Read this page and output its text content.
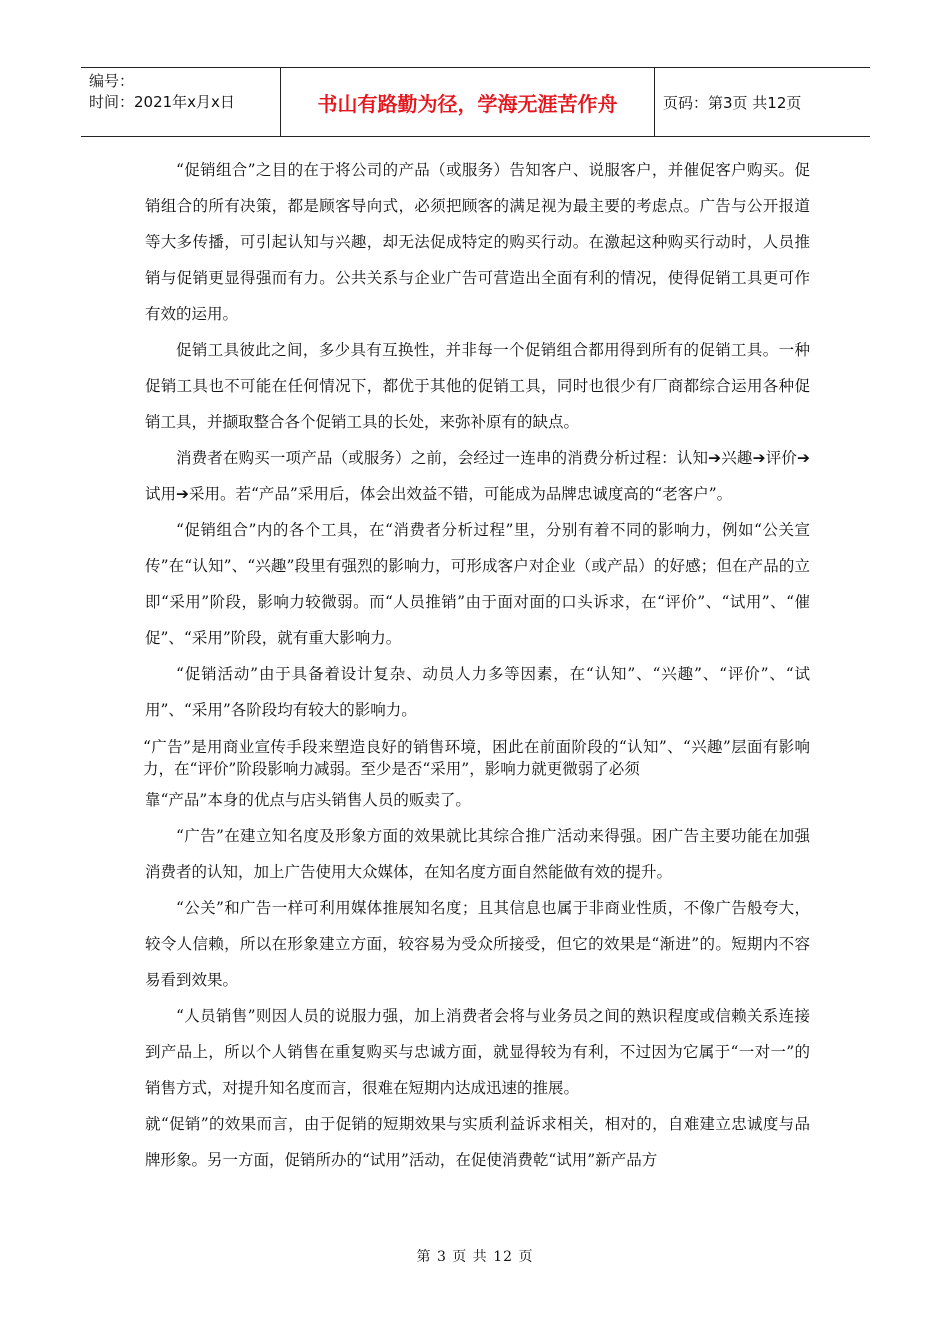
编号：
时间：2021年x月x日	书山有路勤为径，学海无涯苦作舟	页码：第3页 共12页

“促销组合”之目的在于将公司的产品（或服务）告知客户、说服客户，并催促客户购买。促销组合的所有决策，都是顾客导向式，必须把顾客的满足视为最主要的考虑点。广告与公开报道等大多传播，可引起认知与兴趣，却无法促成特定的购买行动。在激起这种购买行动时，人员推销与促销更显得强而有力。公共关系与企业广告可营造出全面有利的情况，使得促销工具更可作有效的运用。

促销工具彼此之间，多少具有互换性，并非每一个促销组合都用得到所有的促销工具。一种促销工具也不可能在任何情况下，都优于其他的促销工具，同时也很少有厂商都综合运用各种促销工具，并撷取整合各个促销工具的长处，来弥补原有的缺点。

消费者在购买一项产品（或服务）之前，会经过一连串的消费分析过程：认知➔兴趣➔评价➔试用➔采用。若“产品”采用后，体会出效益不错，可能成为品牌忠诚度高的“老客户”。

“促销组合”内的各个工具，在“消费者分析过程”里，分别有着不同的影响力，例如“公关宣传”在“认知”、“兴趣”段里有强烈的影响力，可形成客户对企业（或产品）的好感；但在产品的立即“采用”阶段，影响力较微弱。而“人员推销”由于面对面的口头诉求，在“评价”、“试用”、“催促”、“采用”阶段，就有重大影响力。

“促销活动”由于具备着设计复杂、动员人力多等因素，在“认知”、“兴趣”、“评价”、“试用”、“采用”各阶段均有较大的影响力。

“广告”是用商业宣传手段来塑造良好的销售环境，困此在前面阶段的“认知”、“兴趣”层面有影响力，在“评价”阶段影响力减弱。至少是否“采用”，影响力就更微弱了必须

靠“产品”本身的优点与店头销售人员的贩卖了。

“广告”在建立知名度及形象方面的效果就比其综合推广活动来得强。困广告主要功能在加强消费者的认知，加上广告使用大众媒体，在知名度方面自然能做有效的提升。

“公关”和广告一样可利用媒体推展知名度；且其信息也属于非商业性质，不像广告般夸大，较令人信赖，所以在形象建立方面，较容易为受众所接受，但它的效果是“渐进”的。短期内不容易看到效果。

“人员销售”则因人员的说服力强，加上消费者会将与业务员之间的熟识程度或信赖关系连接到产品上，所以个人销售在重复购买与忠诚方面，就显得较为有利，不过因为它属于“一对一”的销售方式，对提升知名度而言，很难在短期内达成迅速的推展。

就“促销”的效果而言，由于促销的短期效果与实质利益诉求相关，相对的，自难建立忠诚度与品牌形象。另一方面，促销所办的“试用”活动，在促使消费乾“试用”新产品方

第 3 页 共 12 页
